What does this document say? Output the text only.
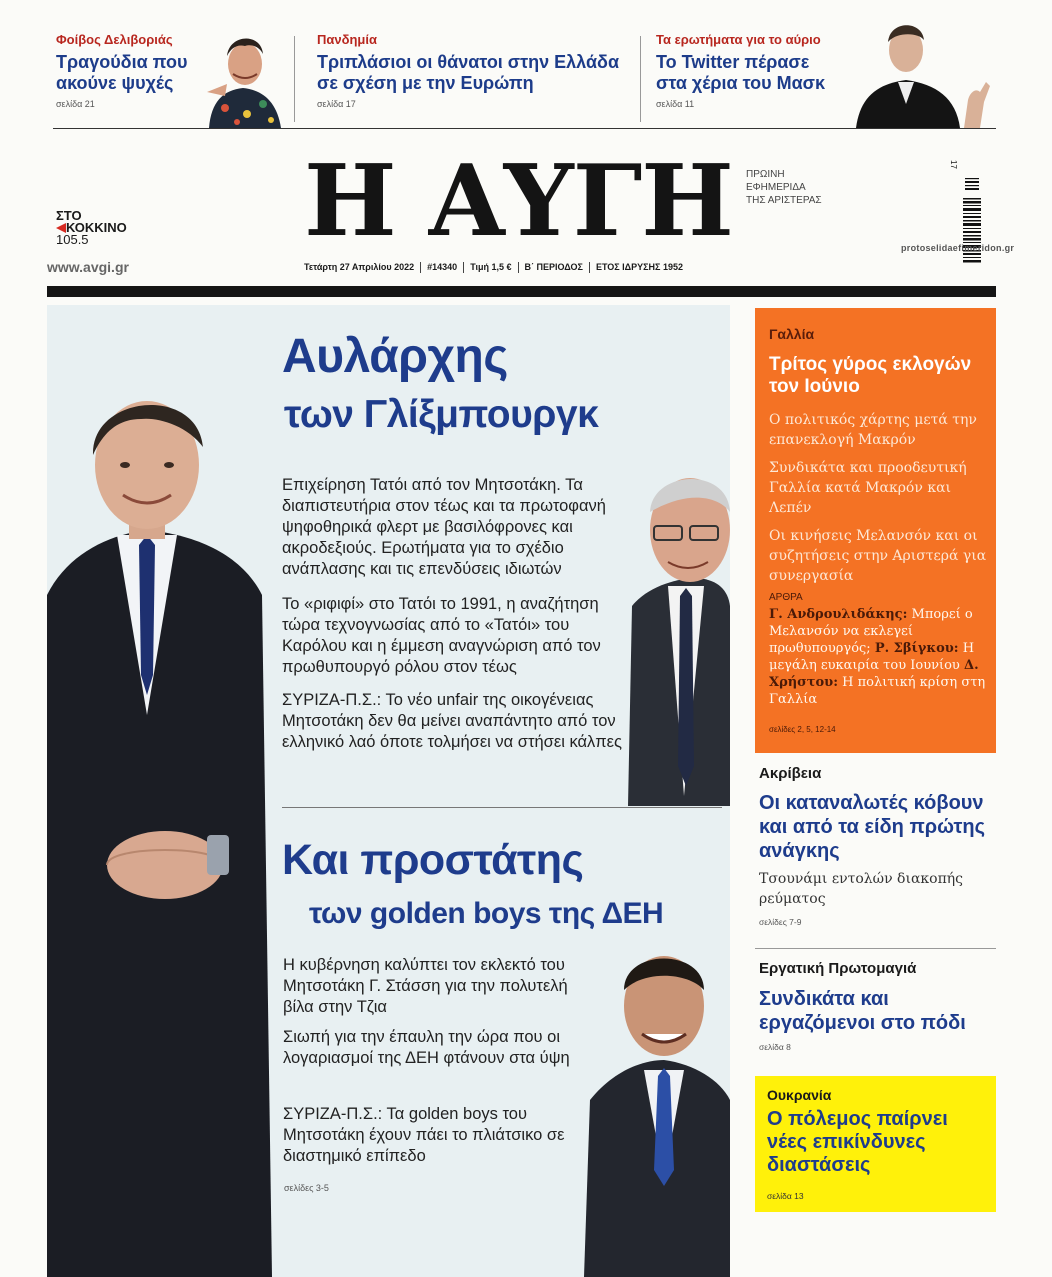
Φοίβος Δελιβοριάς
Τραγούδια που
ακούνε ψυχές
σελίδα 21
Πανδημία
Τριπλάσιοι οι θάνατοι στην Ελλάδα
σε σχέση με την Ευρώπη
σελίδα 17
Τα ερωτήματα για το αύριο
Το Twitter πέρασε
στα χέρια του Μασκ
σελίδα 11
ΣΤΟ
ΚΟΚΚΙΝΟ
105.5
www.avgi.gr
Η ΑΥΓΗ ΠΡΩΙΝΗ
ΕΦΗΜΕΡΙΔΑ
ΤΗΣ ΑΡΙΣΤΕΡΑΣ
Τετάρτη 27 Απριλίου 2022 #14340 Τιμή 1,5 € Β΄ ΠΕΡΙΟΔΟΣ ΕΤΟΣ ΙΔΡΥΣΗΣ 1952
17
protoselidaefimeridon.gr
Αυλάρχης
των Γλίξμπουργκ
Επιχείρηση Τατόι από τον Μητσοτάκη. Τα διαπιστευτήρια στον τέως και τα πρωτοφανή ψηφοθηρικά φλερτ με βασιλόφρονες και ακροδεξιούς. Ερωτήματα για το σχέδιο ανάπλασης και τις επενδύσεις ιδιωτών
Το «ριφιφί» στο Τατόι το 1991, η αναζήτηση τώρα τεχνογνωσίας από το «Τατόι» του Καρόλου και η έμμεση αναγνώριση από τον πρωθυπουργό ρόλου στον τέως
ΣΥΡΙΖΑ-Π.Σ.: Το νέο unfair της οικογένειας Μητσοτάκη δεν θα μείνει αναπάντητο από τον ελληνικό λαό όποτε τολμήσει να στήσει κάλπες
Και προστάτης
των golden boys της ΔΕΗ
Η κυβέρνηση καλύπτει τον εκλεκτό του Μητσοτάκη Γ. Στάσση για την πολυτελή βίλα στην Τζια
Σιωπή για την έπαυλη την ώρα που οι λογαριασμοί της ΔΕΗ φτάνουν στα ύψη
ΣΥΡΙΖΑ-Π.Σ.: Τα golden boys του Μητσοτάκη έχουν πάει το πλιάτσικο σε διαστημικό επίπεδο
σελίδες 3-5
Γαλλία
Τρίτος γύρος εκλογών τον Ιούνιο
Ο πολιτικός χάρτης μετά την επανεκλογή Μακρόν
Συνδικάτα και προοδευτική Γαλλία κατά Μακρόν και Λεπέν
Οι κινήσεις Μελανσόν και οι συζητήσεις στην Αριστερά για συνεργασία
ΑΡΘΡΑ
Γ. Ανδρουλιδάκης: Μπορεί ο Μελανσόν να εκλεγεί πρωθυπουργός; Ρ. Σβίγκου: Η μεγάλη ευκαιρία του Ιουνίου Δ. Χρήστου: Η πολιτική κρίση στη Γαλλία
σελίδες 2, 5, 12-14
Ακρίβεια
Οι καταναλωτές κόβουν και από τα είδη πρώτης ανάγκης
Τσουνάμι εντολών διακοπής ρεύματος
σελίδες 7-9
Εργατική Πρωτομαγιά
Συνδικάτα και εργαζόμενοι στο πόδι
σελίδα 8
Ουκρανία
Ο πόλεμος παίρνει νέες επικίνδυνες διαστάσεις
σελίδα 13
